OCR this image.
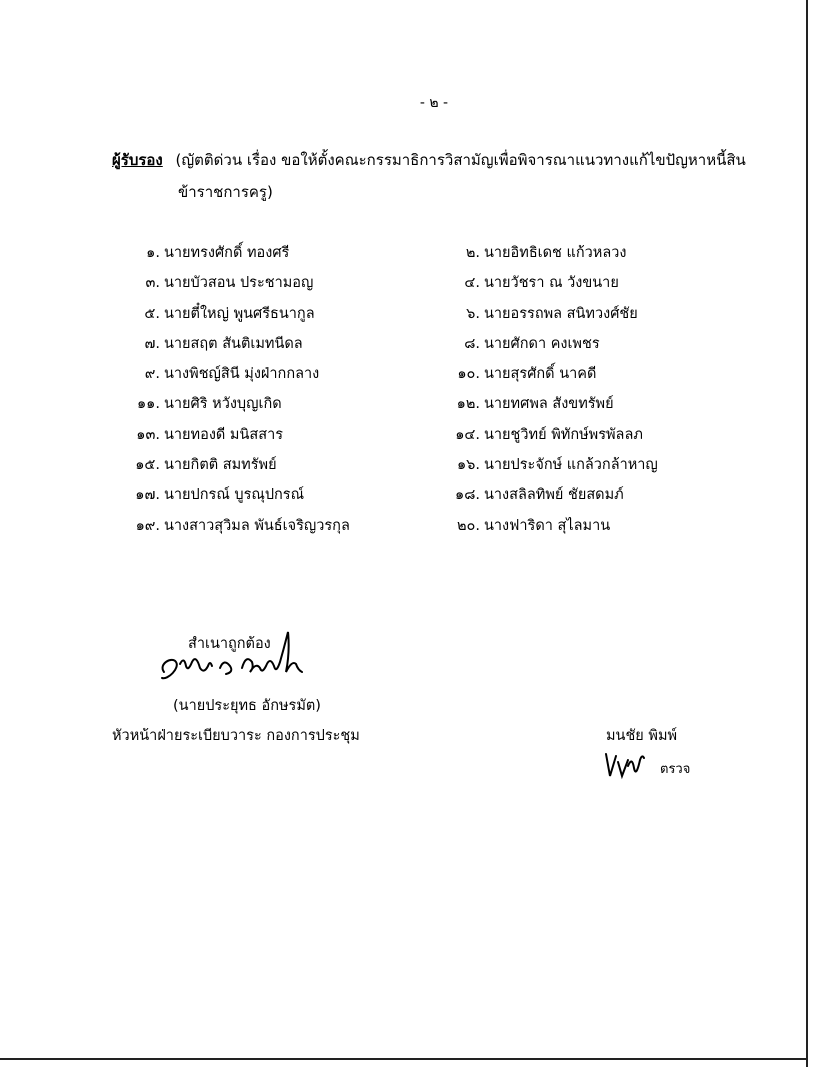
- ๒ -
ผู้รับรอง (ญัตติด่วน เรื่อง ขอให้ตั้งคณะกรรมาธิการวิสามัญเพื่อพิจารณาแนวทางแก้ไขปัญหาหนี้สิน
ข้าราชการครู)
๑. นายทรงศักดิ์ ทองศรี
๓. นายบัวสอน ประชามอญ
๕. นายตี๋ใหญ่ พูนศรีธนากูล
๗. นายสฤต สันติเมทนีดล
๙. นางพิชญ์สินี มุ่งฝ่ากกลาง
๑๑. นายศิริ หวังบุญเกิด
๑๓. นายทองดี มนิสสาร
๑๕. นายกิตติ สมทรัพย์
๑๗. นายปกรณ์ บูรณุปกรณ์
๑๙. นางสาวสุวิมล พันธ์เจริญวรกุล
๒. นายอิทธิเดช แก้วหลวง
๔. นายวัชรา ณ วังขนาย
๖. นายอรรถพล สนิทวงศ์ชัย
๘. นายศักดา คงเพชร
๑๐. นายสุรศักดิ์ นาคดี
๑๒. นายทศพล สังขทรัพย์
๑๔. นายชูวิทย์ พิทักษ์พรพัลลภ
๑๖. นายประจักษ์ แกล้วกล้าหาญ
๑๘. นางสลิลทิพย์ ชัยสดมภ์
๒๐. นางฟาริดา สุไลมาน
สำเนาถูกต้อง
(นายประยุทธ อักษรมัต)
หัวหน้าฝ่ายระเบียบวาระ กองการประชุม	มนชัย พิมพ์
ตรวจ
